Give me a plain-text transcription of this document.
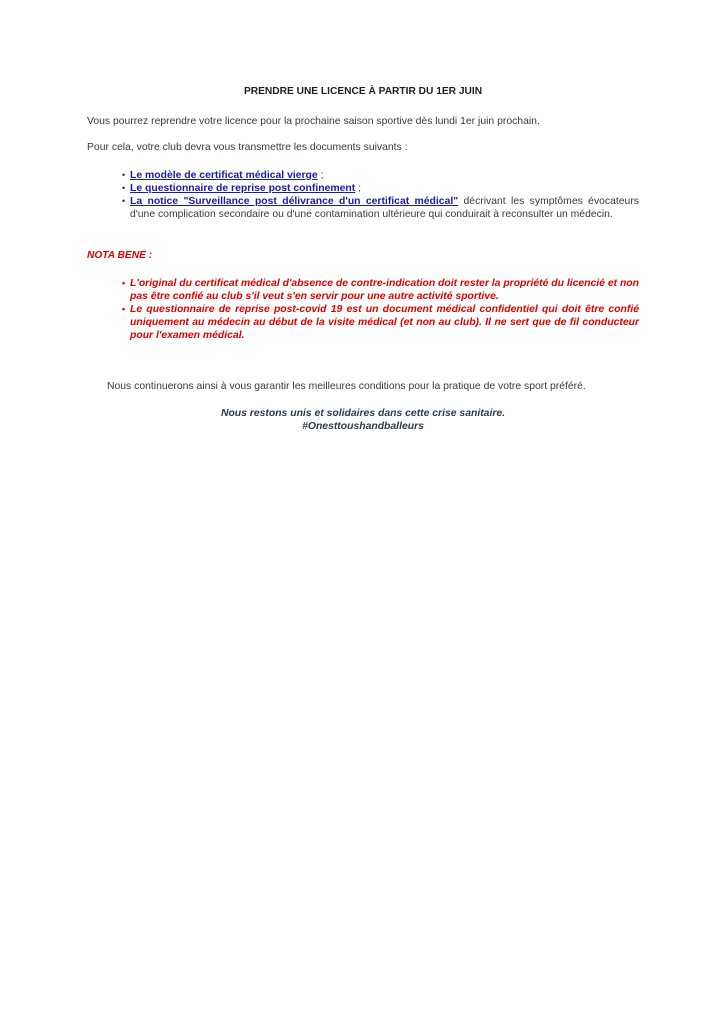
PRENDRE UNE LICENCE À PARTIR DU 1ER JUIN

Vous pourrez reprendre votre licence pour la prochaine saison sportive dès lundi 1er juin prochain.

Pour cela, votre club devra vous transmettre les documents suivants :

• Le modèle de certificat médical vierge ;
• Le questionnaire de reprise post confinement ;
• La notice "Surveillance post délivrance d'un certificat médical" décrivant les symptômes évocateurs d'une complication secondaire ou d'une contamination ultérieure qui conduirait à reconsulter un médecin.
NOTA BENE :
• L'original du certificat médical d'absence de contre-indication doit rester la propriété du licencié et non pas être confié au club s'il veut s'en servir pour une autre activité sportive.
• Le questionnaire de reprise post-covid 19 est un document médical confidentiel qui doit être confié uniquement au médecin au début de la visite médical (et non au club). Il ne sert que de fil conducteur pour l'examen médical.

Nous continuerons ainsi à vous garantir les meilleures conditions pour la pratique de votre sport préféré.

Nous restons unis et solidaires dans cette crise sanitaire.
#Onesttoushandballeurs
